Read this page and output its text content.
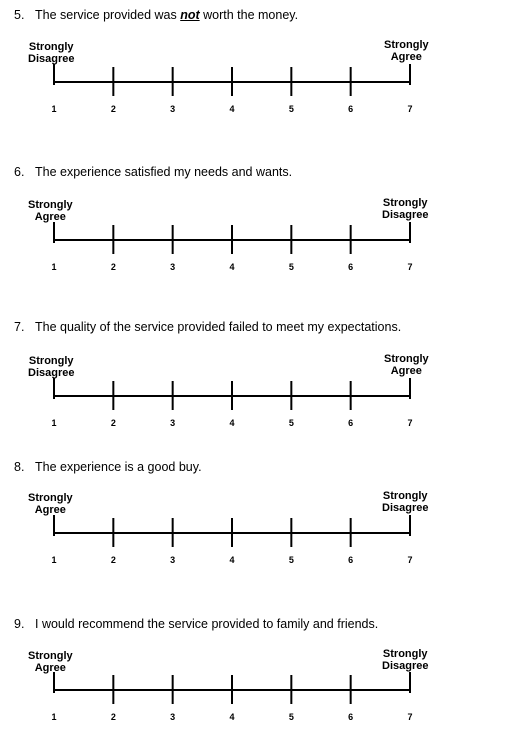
5. The service provided was not worth the money.
Strongly
Disagree
Strongly
Agree
1	2	3	4	5	6	7
6. The experience satisfied my needs and wants.
Strongly
Agree
Strongly
Disagree
1	2	3	4	5	6	7
7. The quality of the service provided failed to meet my expectations.
Strongly
Disagree
Strongly
Agree
1	2	3	4	5	6	7
8. The experience is a good buy.
Strongly
Agree
Strongly
Disagree
1	2	3	4	5	6	7
9. I would recommend the service provided to family and friends.
Strongly
Agree
Strongly
Disagree
1	2	3	4	5	6	7
